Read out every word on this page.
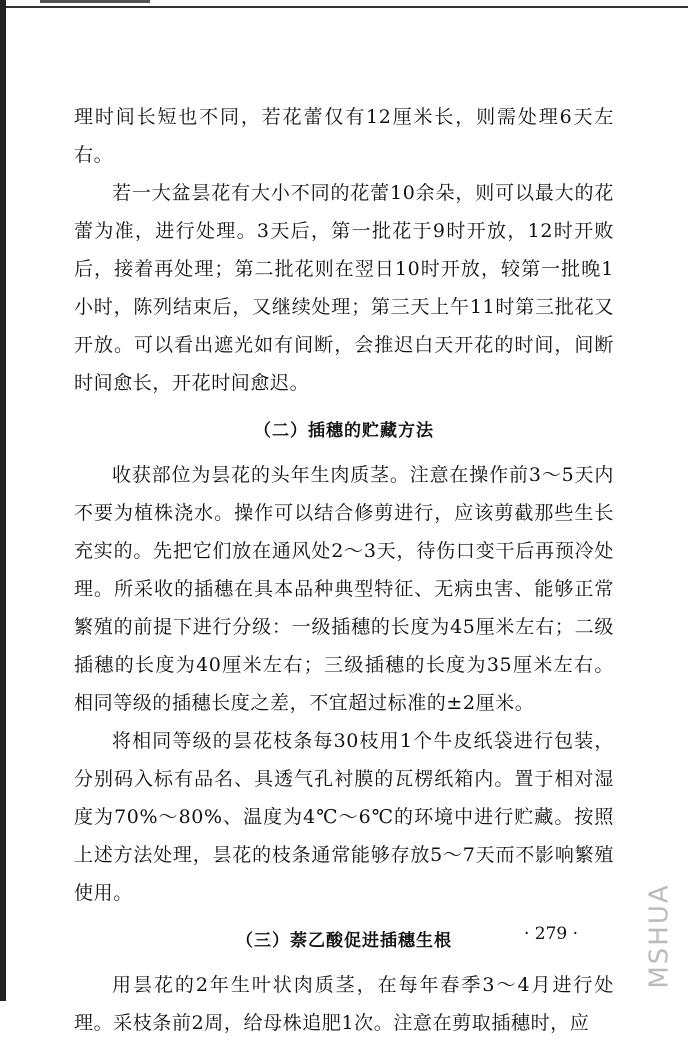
理时间长短也不同，若花蕾仅有12厘米长，则需处理6天左右。

若一大盆昙花有大小不同的花蕾10余朵，则可以最大的花蕾为准，进行处理。3天后，第一批花于9时开放，12时开败后，接着再处理；第二批花则在翌日10时开放，较第一批晚1小时，陈列结束后，又继续处理；第三天上午11时第三批花又开放。可以看出遮光如有间断，会推迟白天开花的时间，间断时间愈长，开花时间愈迟。

（二）插穗的贮藏方法

收获部位为昙花的头年生肉质茎。注意在操作前3～5天内不要为植株浇水。操作可以结合修剪进行，应该剪截那些生长充实的。先把它们放在通风处2～3天，待伤口变干后再预冷处理。所采收的插穗在具本品种典型特征、无病虫害、能够正常繁殖的前提下进行分级：一级插穗的长度为45厘米左右；二级插穗的长度为40厘米左右；三级插穗的长度为35厘米左右。相同等级的插穗长度之差，不宜超过标准的±2厘米。

将相同等级的昙花枝条每30枝用1个牛皮纸袋进行包装，分别码入标有品名、具透气孔衬膜的瓦楞纸箱内。置于相对湿度为70%～80%、温度为4℃～6℃的环境中进行贮藏。按照上述方法处理，昙花的枝条通常能够存放5～7天而不影响繁殖使用。

（三）萘乙酸促进插穗生根

用昙花的2年生叶状肉质茎，在每年春季3～4月进行处理。采枝条前2周，给母株追肥1次。注意在剪取插穗时，应

· 279 ·	MSHUA
